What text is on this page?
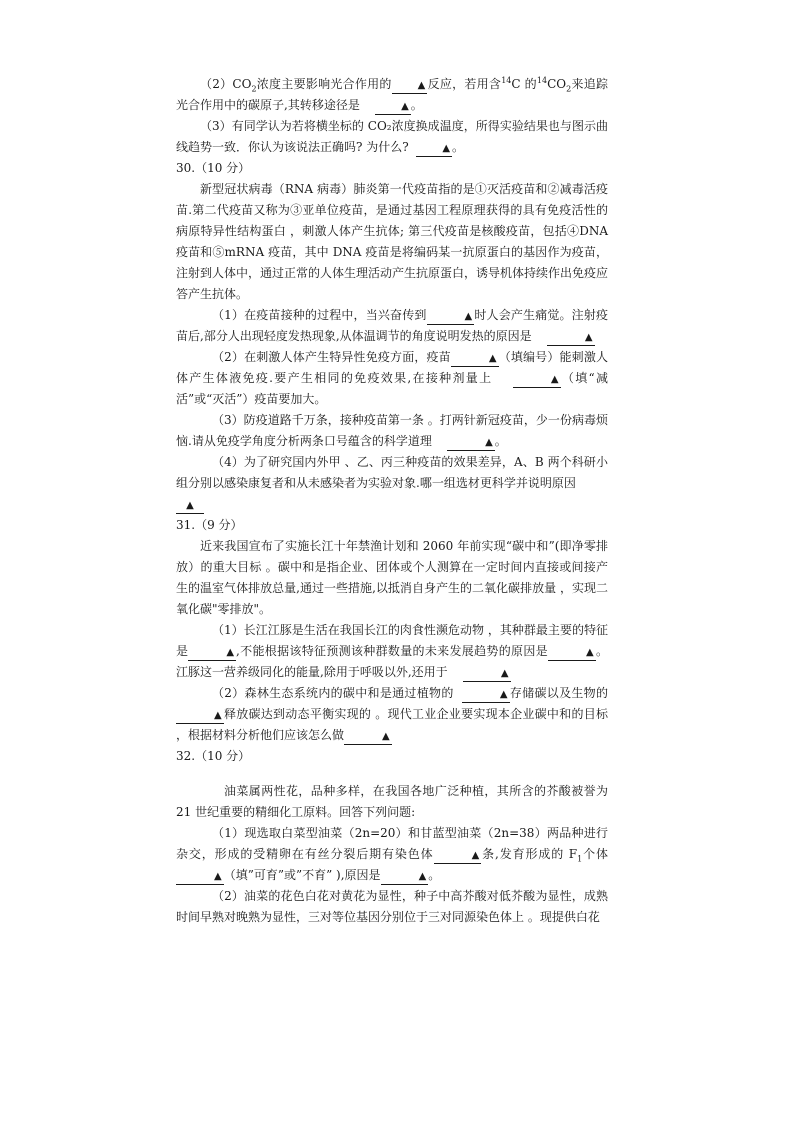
$(2)CO_2$浓度主要影响光合作用的	▲ 反应，若用含$^{14}$C 的$^{14}CO_2$来追踪光合作用中的碳原子,其转移途径是	▲ 。

（3）有同学认为若将横坐标的 CO₂浓度换成温度，所得实验结果也与图示曲线趋势一致．你认为该说法正确吗? 为什么?	▲ 。

30.（10 分）

新型冠状病毒（RNA 病毒）肺炎第一代疫苗指的是①灭活疫苗和②减毒活疫苗.第二代疫苗又称为③亚单位疫苗，是通过基因工程原理获得的具有免疫活性的病原特异性结构蛋白 ，刺激人体产生抗体; 第三代疫苗是核酸疫苗，包括④DNA 疫苗和⑤mRNA 疫苗，其中 DNA 疫苗是将编码某一抗原蛋白的基因作为疫苗，注射到人体中，通过正常的人体生理活动产生抗原蛋白，诱导机体持续作出免疫应答产生抗体。

（1）在疫苗接种的过程中，当兴奋传到	▲ 时人会产生痛觉。注射疫苗后,部分人出现轻度发热现象,从体温调节的角度说明发热的原因是	▲

（2）在刺激人体产生特异性免疫方面，疫苗	▲ （填编号）能刺激人体产生体液免疫.要产生相同的免疫效果,在接种剂量上	▲ （填“减活”或“灭活”）疫苗要加大。

（3）防疫道路千万条，接种疫苗第一条 。打两针新冠疫苗，少一份病毒烦恼.请从免疫学角度分析两条口号蕴含的科学道理	▲ 。

（4）为了研究国内外甲 、乙、丙三种疫苗的效果差异，A、B 两个科研小组分别以感染康复者和从未感染者为实验对象.哪一组选材更科学并说明原因

▲

31.（9 分）

近来我国宣布了实施长江十年禁渔计划和 2060 年前实现“碳中和”(即净零排放）的重大目标 。碳中和是指企业、团体或个人测算在一定时间内直接或间接产生的温室气体排放总量,通过一些措施,以抵消自身产生的二氧化碳排放量 ，实现二氧化碳"零排放"。

（1）长江江豚是生活在我国长江的肉食性濒危动物 ，其种群最主要的特征是	▲ ,不能根据该特征预测该种群数量的未来发展趋势的原因是	▲ 。江豚这一营养级同化的能量,除用于呼吸以外,还用于	▲

（2）森林生态系统内的碳中和是通过植物的	▲ 存储碳以及生物的▲ 释放碳达到动态平衡实现的 。现代工业企业要实现本企业碳中和的目标 ，根据材料分析他们应该怎么做	▲

32.（10 分）

油菜属两性花，品种多样，在我国各地广泛种植，其所含的芥酸被誉为 21 世纪重要的精细化工原料。回答下列问题:

（1）现选取白菜型油菜（2n=20）和甘蓝型油菜（2n=38）两品种进行杂交，形成的受精卵在有丝分裂后期有染色体	▲ 条,发育形成的 $F_1$个体▲ （填”可育”或”不育” ),原因是	▲ 。

（2）油菜的花色白花对黄花为显性，种子中高芥酸对低芥酸为显性，成熟时间早熟对晚熟为显性，三对等位基因分别位于三对同源染色体上 。现提供白花
